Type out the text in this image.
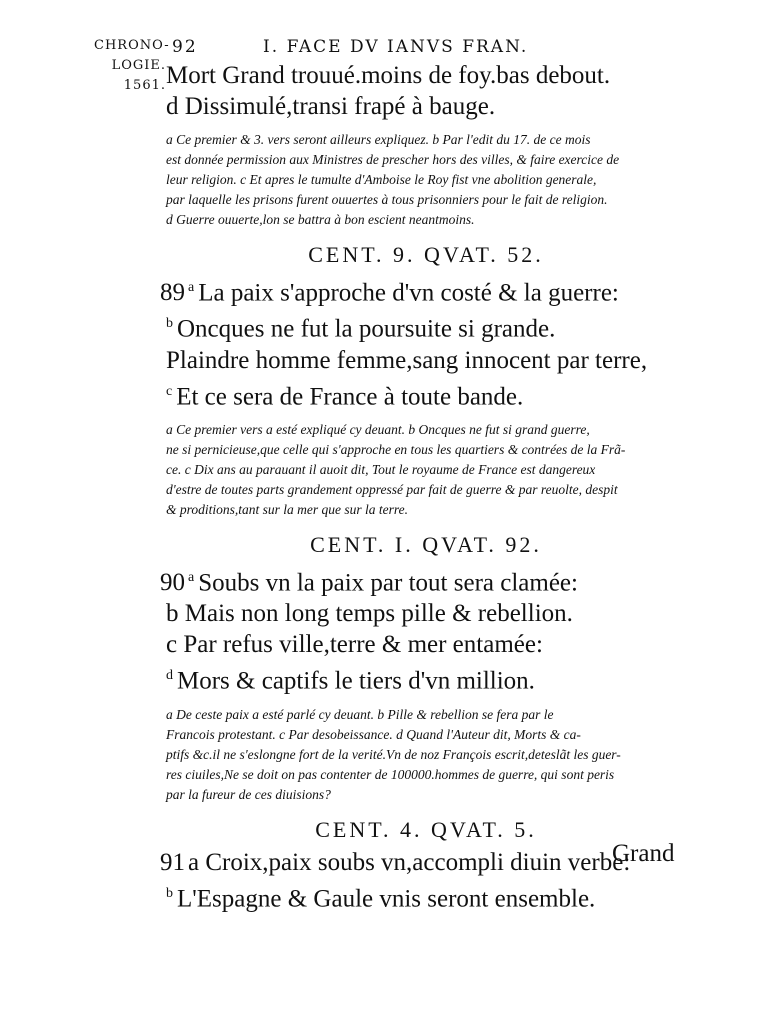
CHRONO-
LOGIE.
1561.
92	I. FACE DV IANVS FRAN.

Mort Grand trouué.moins de foy.bas debout.

d Dissimulé,transi frapé à bauge.

a Ce premier & 3. vers seront ailleurs expliquez. b Par l'edit du 17. de ce mois
est donnée permission aux Ministres de prescher hors des villes, & faire exercice de
leur religion. c Et apres le tumulte d'Amboise le Roy fist vne abolition generale,
par laquelle les prisons furent ouuertes à tous prisonniers pour le fait de religion.
d Guerre ouuerte,lon se battra à bon escient neantmoins.
CENT. 9. QVAT. 52.

89 $^a$ La paix s'approche d'vn costé & la guerre:

$^b$ Oncques ne fut la poursuite si grande.

Plaindre homme femme,sang innocent par terre,

$^c$ Et ce sera de France à toute bande.

a Ce premier vers a esté expliqué cy deuant. b Oncques ne fut si grand guerre,
ne si pernicieuse,que celle qui s'approche en tous les quartiers & contrées de la Frã-
ce. c Dix ans au parauant il auoit dit, Tout le royaume de France est dangereux
d'estre de toutes parts grandement oppressé par fait de guerre & par reuolte, despit
& proditions,tant sur la mer que sur la terre.
CENT. I. QVAT. 92.

90 $^a$ Soubs vn la paix par tout sera clamée:

b Mais non long temps pille & rebellion.

c Par refus ville,terre & mer entamée:

$^d$ Mors & captifs le tiers d'vn million.

a De ceste paix a esté parlé cy deuant. b Pille & rebellion se fera par le
Francois protestant. c Par desobeissance. d Quand l'Auteur dit, Morts & ca-
ptifs &c.il ne s'eslongne fort de la verité.Vn de noz François escrit,deteslãt les guer-
res ciuiles,Ne se doit on pas contenter de 100000.hommes de guerre, qui sont peris
par la fureur de ces diuisions?
CENT. 4. QVAT. 5.

91 a Croix,paix soubs vn,accompli diuin verbe:

$^b$ L'Espagne & Gaule vnis seront ensemble.

Grand
